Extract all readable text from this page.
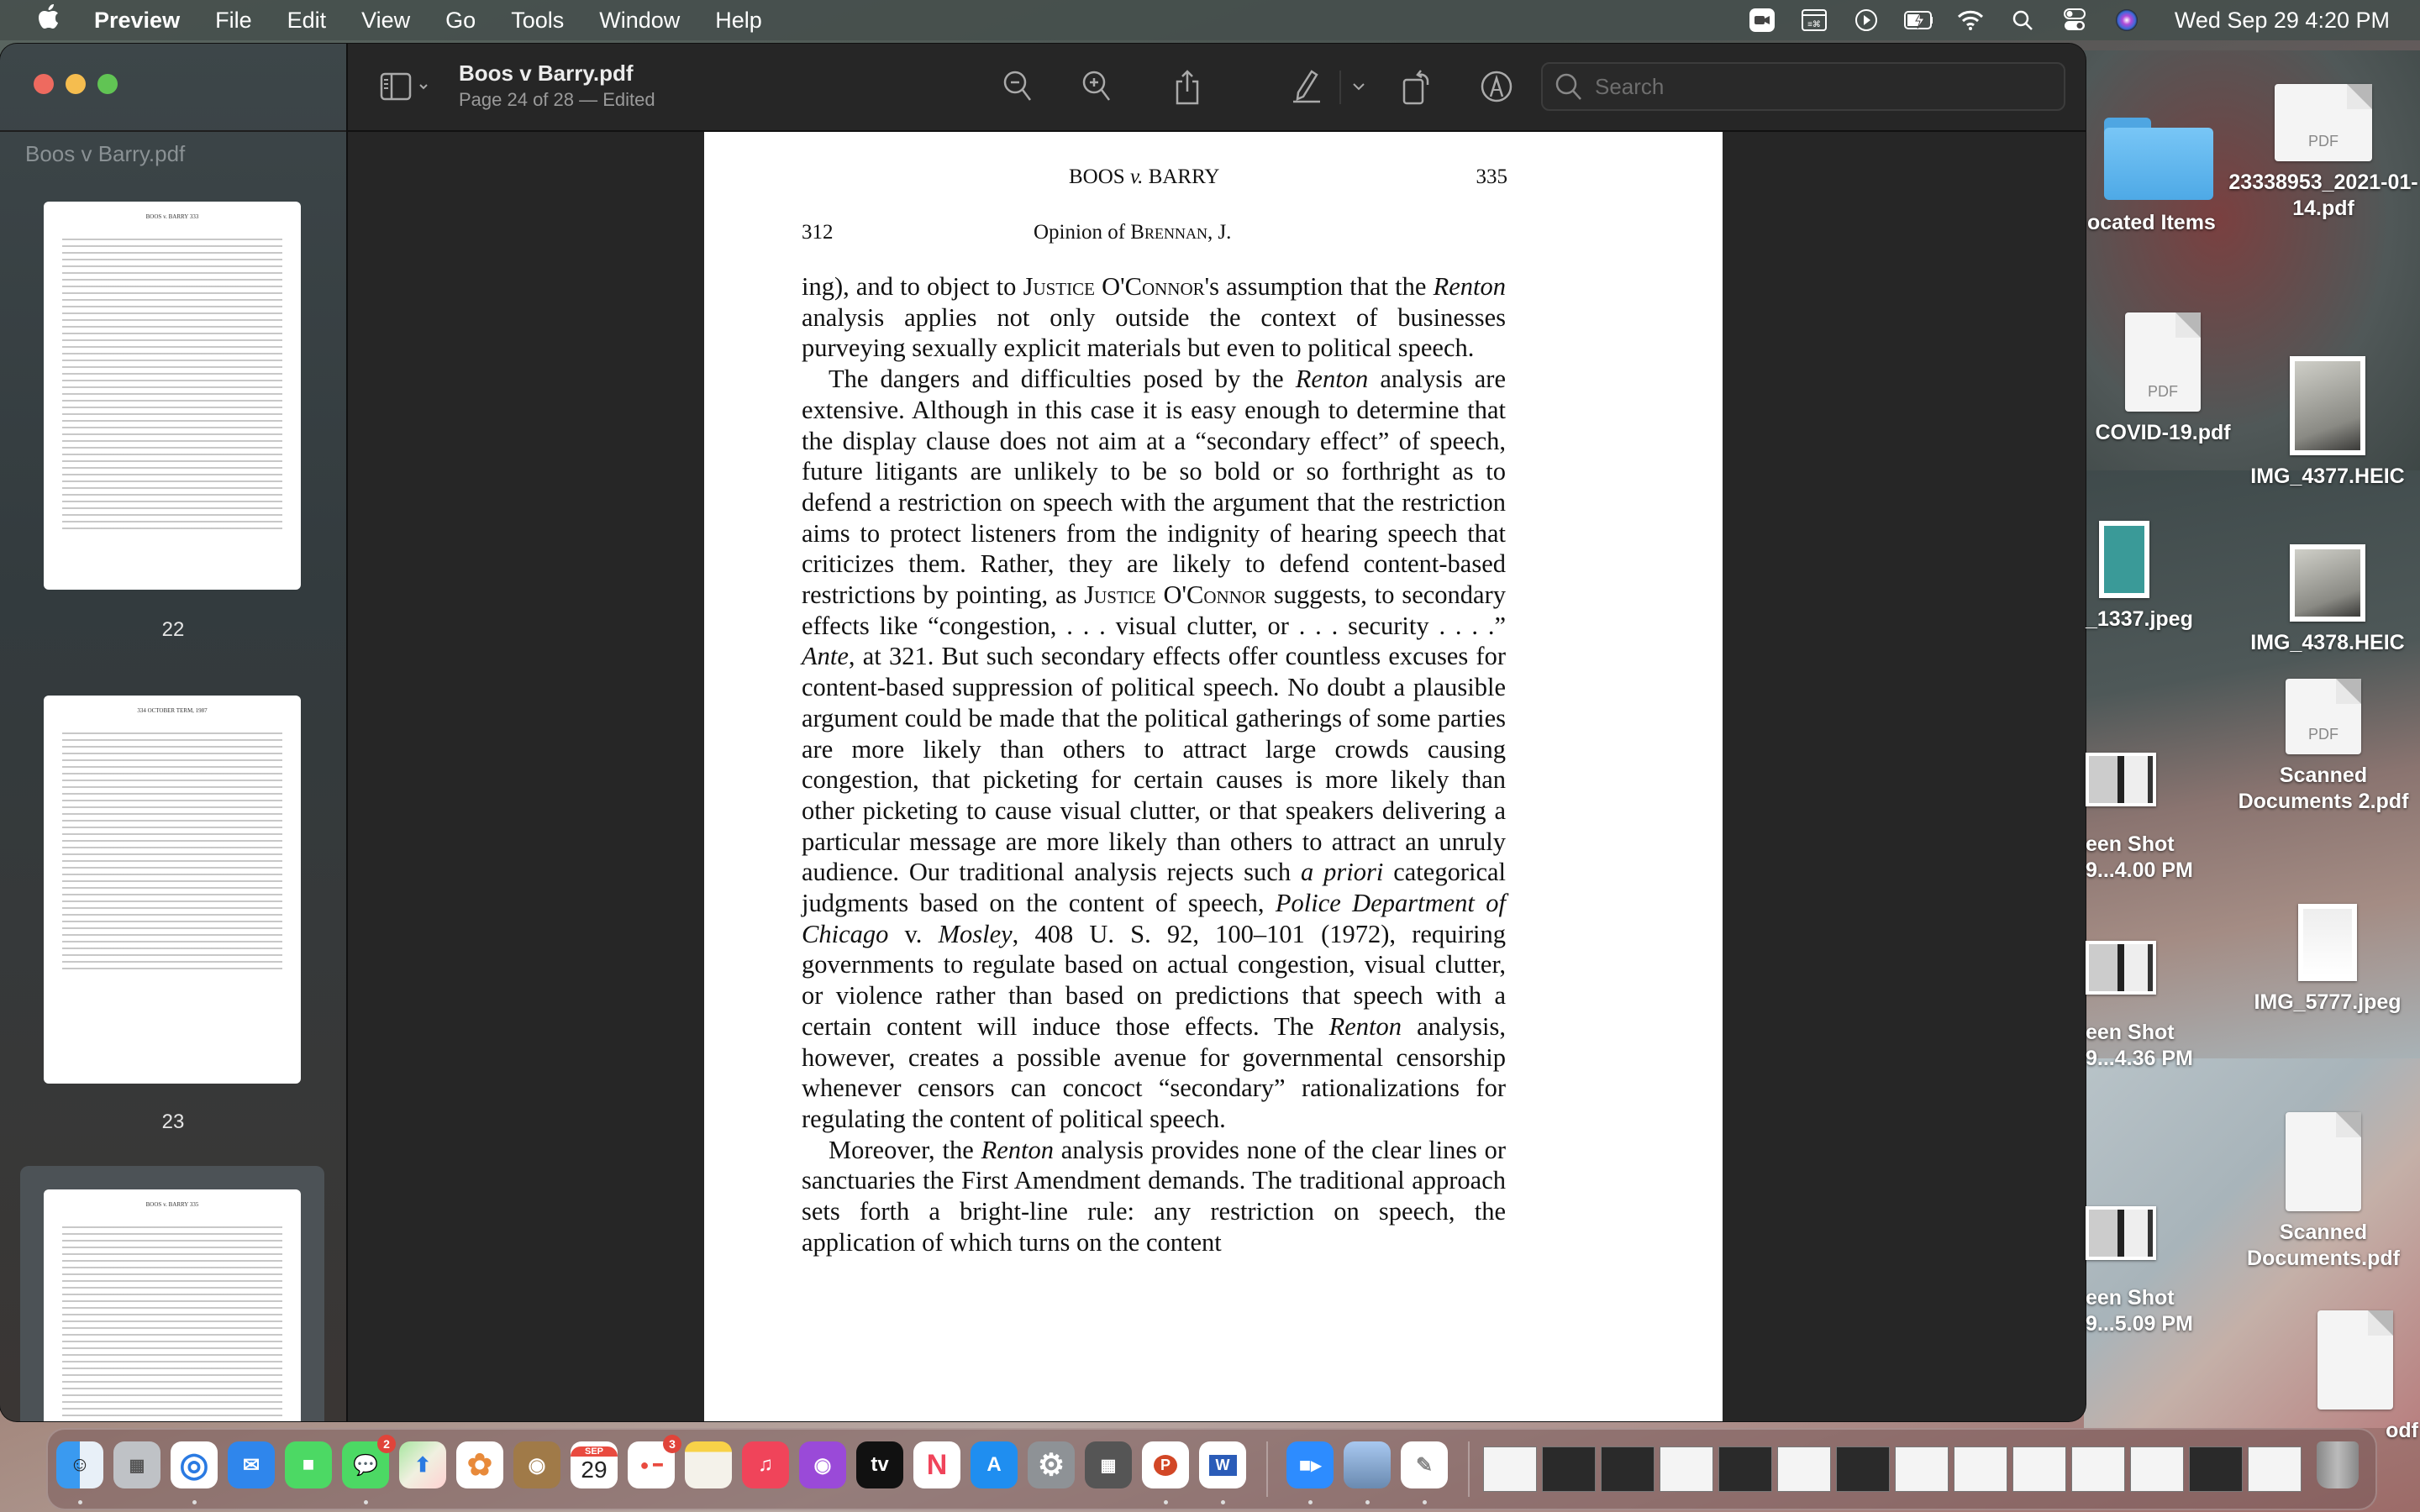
Preview File Edit View Go Tools Window Help	≡⌘	Wed Sep 29 4:20 PM
Boos v Barry.pdf
BOOS v. BARRY 333
22
334 OCTOBER TERM, 1987
23
BOOS v. BARRY 335
Boos v Barry.pdf
Page 24 of 28 — Edited
Search
BOOS v. BARRY	335
312	Opinion of Brennan, J.

ing), and to object to Justice O'Connor's assumption that the Renton analysis applies not only outside the context of businesses purveying sexually explicit materials but even to political speech.

The dangers and difficulties posed by the Renton analysis are extensive. Although in this case it is easy enough to determine that the display clause does not aim at a “secondary effect” of speech, future litigants are unlikely to be so bold or so forthright as to defend a restriction on speech with the argument that the restriction aims to protect listeners from the indignity of hearing speech that criticizes them. Rather, they are likely to defend content-based restrictions by pointing, as Justice O'Connor suggests, to secondary effects like “congestion, . . . visual clutter, or . . . security . . . .” Ante, at 321. But such secondary effects offer countless excuses for content-based suppression of political speech. No doubt a plausible argument could be made that the political gatherings of some parties are more likely than others to attract large crowds causing congestion, that picketing for certain causes is more likely than other picketing to cause visual clutter, or that speakers delivering a particular message are more likely than others to attract an unruly audience. Our traditional analysis rejects such a priori categorical judgments based on the content of speech, Police Department of Chicago v. Mosley, 408 U. S. 92, 100–101 (1972), requiring governments to regulate based on actual congestion, visual clutter, or violence rather than based on predictions that speech with a certain content will induce those effects. The Renton analysis, however, creates a possible avenue for governmental censorship whenever censors can concoct “secondary” rationalizations for regulating the content of political speech.

Moreover, the Renton analysis provides none of the clear lines or sanctuaries the First Amendment demands. The traditional approach sets forth a bright-line rule: any restriction on speech, the application of which turns on the content

ocated Items
PDF
23338953_2021-01-14.pdf
PDF
COVID-19.pdf
IMG_4377.HEIC
_1337.jpeg
IMG_4378.HEIC
PDF
Scanned Documents 2.pdf
een Shot 9...4.00 PM
IMG_5777.jpeg
een Shot 9...4.36 PM
Scanned Documents.pdf
een Shot 9...5.09 PM
odf
☺ ▦ ◎ ✉ ■ 💬
2
⬆ ✿ ◉
SEP
29 ● ━
3
♫ ◉ tv N A ⚙ ▦	P	W	■▸	✎
